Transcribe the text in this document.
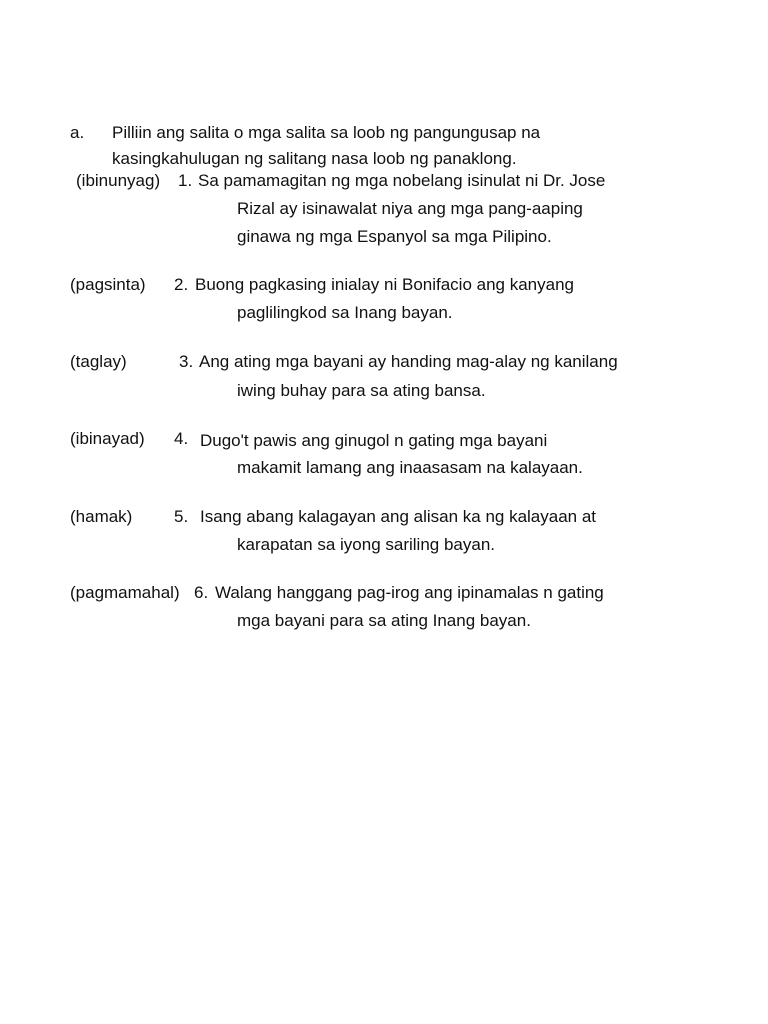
a. Pilliin ang salita o mga salita sa loob ng pangungusap na
kasingkahulugan ng salitang nasa loob ng panaklong.
(ibinunyag) 1. Sa pamamagitan ng mga nobelang isinulat ni Dr. Jose
Rizal ay isinawalat niya ang mga pang-aaping
ginawa ng mga Espanyol sa mga Pilipino.
(pagsinta) 2. Buong pagkasing inialay ni Bonifacio ang kanyang
paglilingkod sa Inang bayan.
(taglay)	3. Ang ating mga bayani ay handing mag-alay ng kanilang
iwing buhay para sa ating bansa.
(ibinayad) 4. Dugo't pawis ang ginugol n gating mga bayani
makamit lamang ang inaasasam na kalayaan.
(hamak) 5. Isang abang kalagayan ang alisan ka ng kalayaan at
karapatan sa iyong sariling bayan.
(pagmamahal) 6. Walang hanggang pag-irog ang ipinamalas n gating
mga bayani para sa ating Inang bayan.
